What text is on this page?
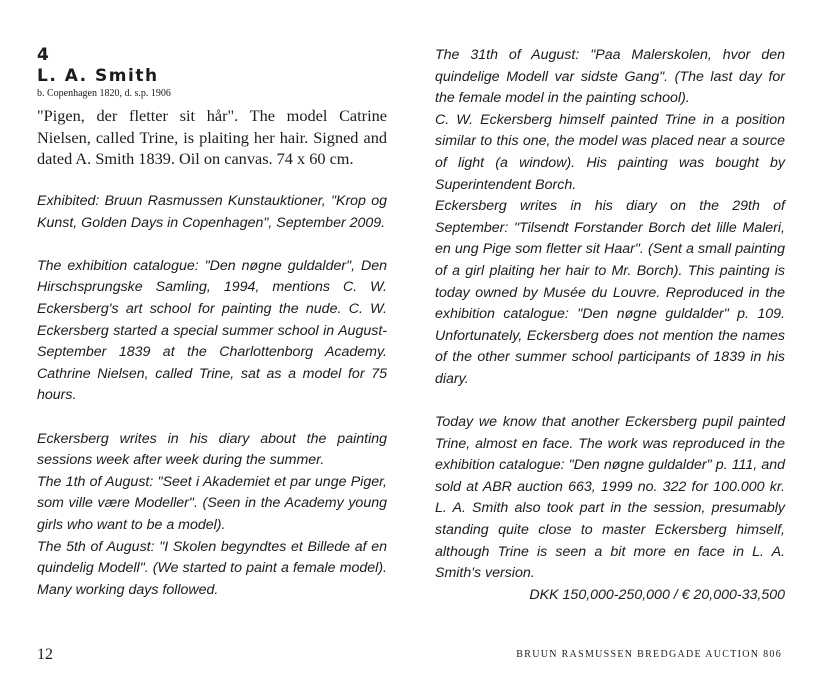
4
L. A. Smith
b. Copenhagen 1820, d. s.p. 1906

"Pigen, der fletter sit hår". The model Catrine Nielsen, called Trine, is plaiting her hair. Signed and dated A. Smith 1839. Oil on canvas. 74 x 60 cm.

Exhibited: Bruun Rasmussen Kunstauktioner, "Krop og Kunst, Golden Days in Copenhagen", September 2009.

The exhibition catalogue: "Den nøgne guldalder", Den Hirschsprungske Samling, 1994, mentions C. W. Eckersberg's art school for painting the nude. C. W. Eckersberg started a special summer school in August-September 1839 at the Charlottenborg Academy. Cathrine Nielsen, called Trine, sat as a model for 75 hours.

Eckersberg writes in his diary about the painting sessions week after week during the summer.

The 1th of August: "Seet i Akademiet et par unge Piger, som ville være Modeller". (Seen in the Academy young girls who want to be a model).

The 5th of August: "I Skolen begyndtes et Billede af en quindelig Modell". (We started to paint a female model). Many working days followed.

The 31th of August: "Paa Malerskolen, hvor den quindelige Modell var sidste Gang". (The last day for the female model in the painting school).

C. W. Eckersberg himself painted Trine in a position similar to this one, the model was placed near a source of light (a window). His painting was bought by Superintendent Borch.

Eckersberg writes in his diary on the 29th of September: "Tilsendt Forstander Borch det lille Maleri, en ung Pige som fletter sit Haar". (Sent a small painting of a girl plaiting her hair to Mr. Borch). This painting is today owned by Musée du Louvre. Reproduced in the exhibition catalogue: "Den nøgne guldalder" p. 109. Unfortunately, Eckersberg does not mention the names of the other summer school participants of 1839 in his diary.

Today we know that another Eckersberg pupil painted Trine, almost en face. The work was reproduced in the exhibition catalogue: "Den nøgne guldalder" p. 111, and sold at ABR auction 663, 1999 no. 322 for 100.000 kr. L. A. Smith also took part in the session, presumably standing quite close to master Eckersberg himself, although Trine is seen a bit more en face in L. A. Smith's version.
DKK 150,000-250,000 / € 20,000-33,500

12	BRUUN RASMUSSEN BREDGADE AUCTION 806
